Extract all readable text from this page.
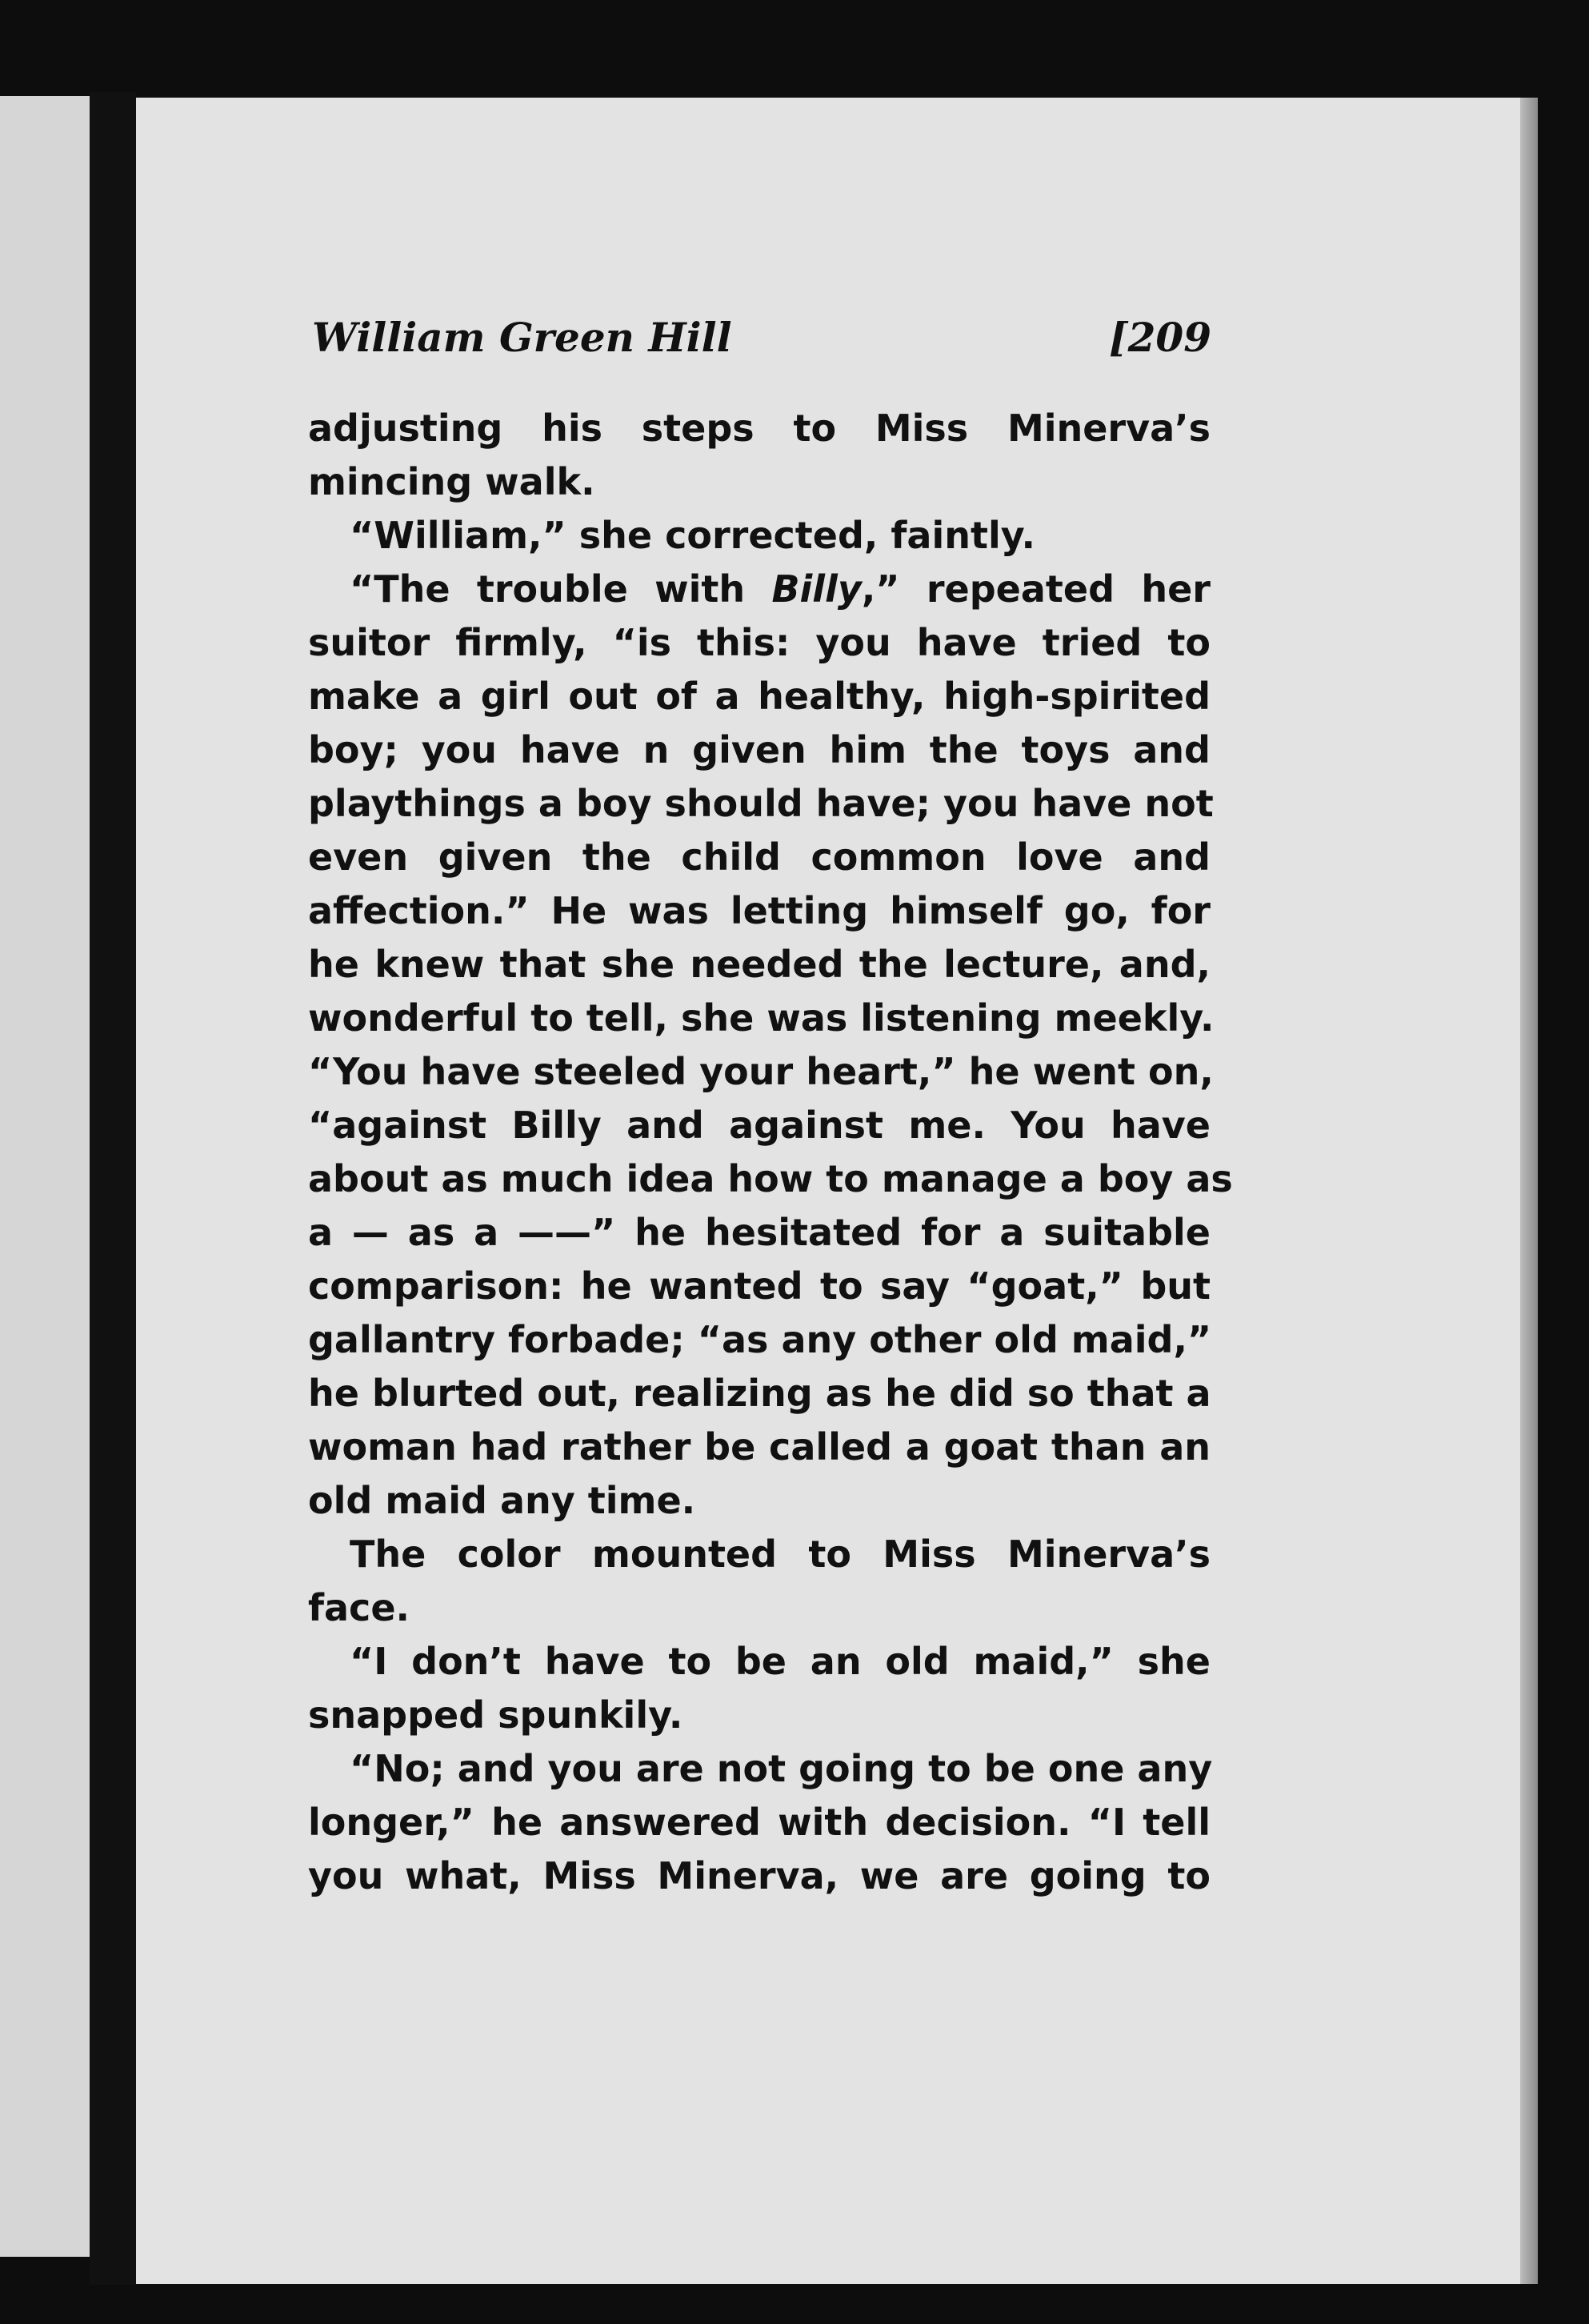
William Green Hill	[209
adjusting his steps to Miss Minerva’s
mincing walk.
“William,” she corrected, faintly.
“The trouble with Billy,” repeated her
suitor firmly, “is this: you have tried to
make a girl out of a healthy, high-spirited
boy; you have n given him the toys and
playthings a boy should have; you have not
even given the child common love and
affection.” He was letting himself go, for
he knew that she needed the lecture, and,
wonderful to tell, she was listening meekly.
“You have steeled your heart,” he went on,
“against Billy and against me. You have
about as much idea how to manage a boy as
a — as a ——” he hesitated for a suitable
comparison: he wanted to say “goat,” but
gallantry forbade; “as any other old maid,”
he blurted out, realizing as he did so that a
woman had rather be called a goat than an
old maid any time.
The color mounted to Miss Minerva’s
face.
“I don’t have to be an old maid,” she
snapped spunkily.
“No; and you are not going to be one any
longer,” he answered with decision. “I tell
you what, Miss Minerva, we are going to
